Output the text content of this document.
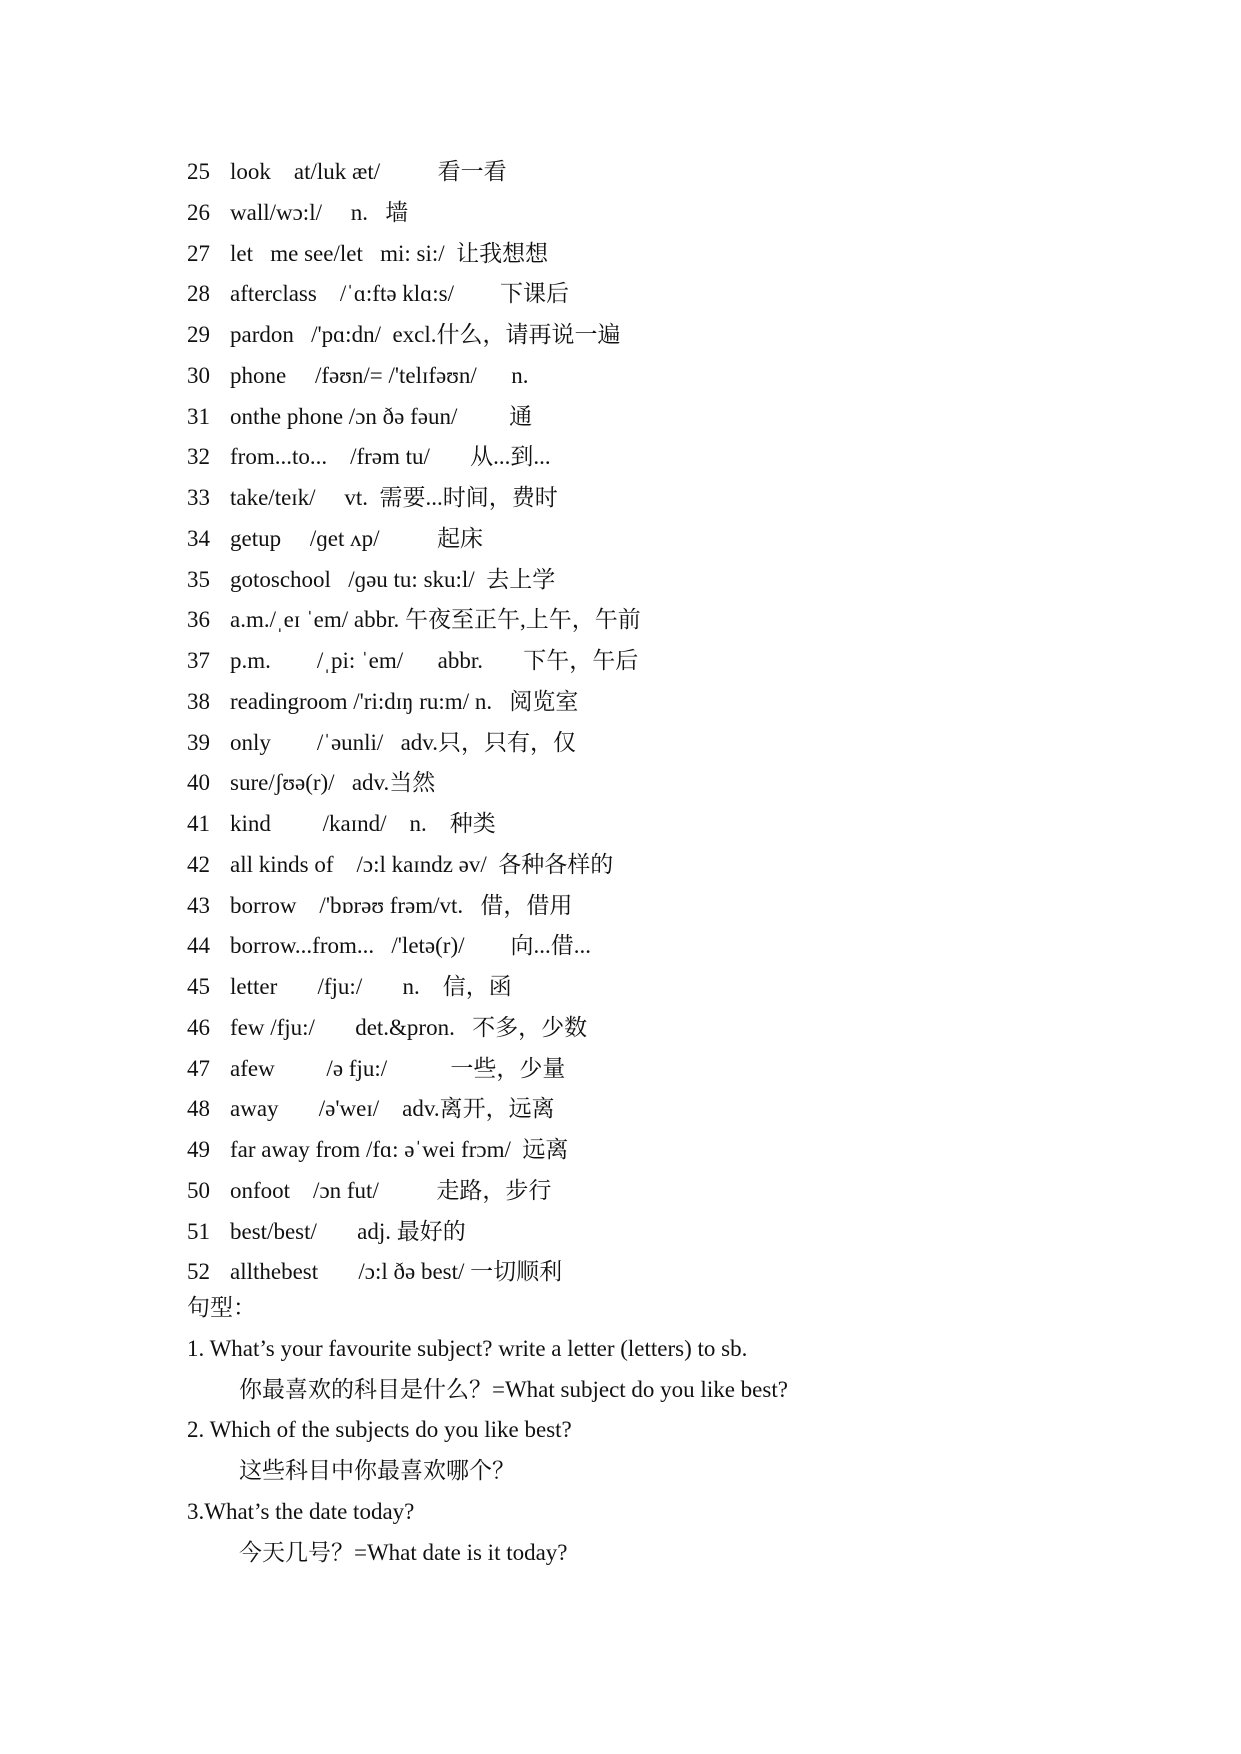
25 look    at/luk æt/          看一看
26 wall/wɔ:l/     n.   墙
27 let   me see/let   mi: si:/  让我想想
28 afterclass    /ˈɑ:ftə klɑ:s/        下课后
29 pardon   /'pɑ:dn/  excl.什么，请再说一遍
30 phone     /fəʊn/= /'telɪfəʊn/      n.
31 onthe phone /ɔn ðə fəun/         通
32 from...to...    /frəm tu/       从...到...
33 take/teɪk/     vt.  需要...时间，费时
34 getup     /ɡet ʌp/          起床
35 gotoschool   /ɡəu tu: sku:l/  去上学
36 a.m./ˌeɪ ˈem/ abbr. 午夜至正午,上午，午前
37 p.m.        /ˌpi: ˈem/      abbr.       下午，午后
38 readingroom /'ri:dɪŋ ru:m/ n.   阅览室
39 only        /ˈəunli/   adv.只，只有，仅
40 sure/ʃʊə(r)/   adv.当然
41 kind         /kaɪnd/    n.    种类
42 all kinds of    /ɔ:l kaɪndz əv/  各种各样的
43 borrow    /'bɒrəʊ frəm/vt.   借，借用
44 borrow...from...   /'letə(r)/        向...借...
45 letter       /fju:/       n.    信，函
46 few /fju:/       det.&pron.   不多，少数
47 afew         /ə fju:/           一些，少量
48 away       /ə'weɪ/    adv.离开，远离
49 far away from /fɑ: əˈwei frɔm/  远离
50 onfoot    /ɔn fut/          走路，步行
51 best/best/       adj. 最好的
52 allthebest       /ɔ:l ðə best/ 一切顺利
句型：
1. What’s your favourite subject? write a letter (letters) to sb.
你最喜欢的科目是什么？=What subject do you like best?
2. Which of the subjects do you like best?
这些科目中你最喜欢哪个？
3.What’s the date today?
今天几号？=What date is it today?
